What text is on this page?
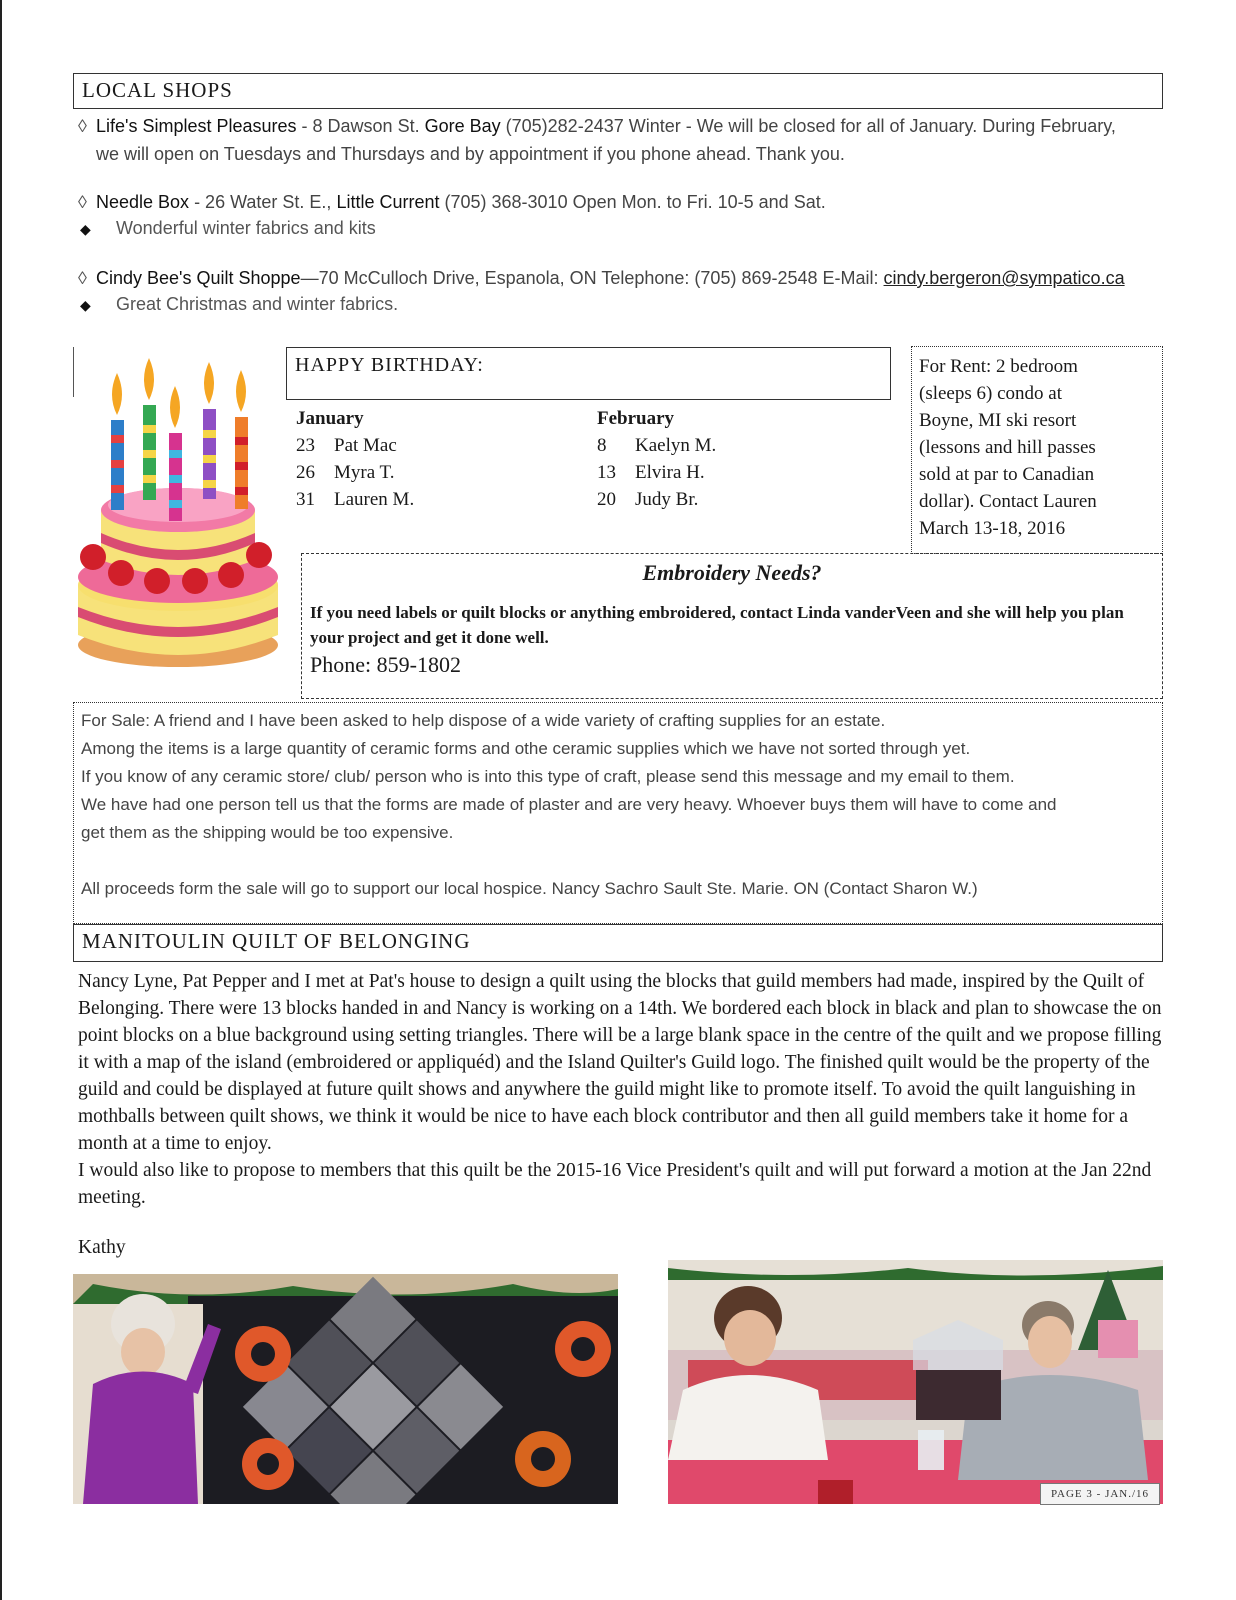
LOCAL SHOPS
◊ Life's Simplest Pleasures - 8 Dawson St. Gore Bay (705)282-2437 Winter - We will be closed for all of January. During February,
we will open on Tuesdays and Thursdays and by appointment if you phone ahead. Thank you.
◊ Needle Box - 26 Water St. E., Little Current (705) 368-3010 Open Mon. to Fri. 10-5 and Sat.
◆ Wonderful winter fabrics and kits
◊ Cindy Bee's Quilt Shoppe—70 McCulloch Drive, Espanola, ON Telephone: (705) 869-2548 E-Mail: cindy.bergeron@sympatico.ca
◆ Great Christmas and winter fabrics.
HAPPY BIRTHDAY:
January
23 Pat Mac
26 Myra T.
31 Lauren M.
February
8 Kaelyn M.
13 Elvira H.
20 Judy Br.
For Rent: 2 bedroom
(sleeps 6) condo at
Boyne, MI ski resort
(lessons and hill passes
sold at par to Canadian
dollar). Contact Lauren
March 13-18, 2016
Embroidery Needs?
If you need labels or quilt blocks or anything embroidered, contact Linda vanderVeen and she will help you plan your project and get it done well.
Phone: 859-1802
For Sale: A friend and I have been asked to help dispose of a wide variety of crafting supplies for an estate.
Among the items is a large quantity of ceramic forms and othe ceramic supplies which we have not sorted through yet.
If you know of any ceramic store/ club/ person who is into this type of craft, please send this message and my email to them.
We have had one person tell us that the forms are made of plaster and are very heavy. Whoever buys them will have to come and
get them as the shipping would be too expensive.
All proceeds form the sale will go to support our local hospice. Nancy Sachro Sault Ste. Marie. ON (Contact Sharon W.)
MANITOULIN QUILT OF BELONGING
Nancy Lyne, Pat Pepper and I met at Pat's house to design a quilt using the blocks that guild members had made, inspired by the Quilt of Belonging. There were 13 blocks handed in and Nancy is working on a 14th. We bordered each block in black and plan to showcase the on point blocks on a blue background using setting triangles. There will be a large blank space in the centre of the quilt and we propose filling it with a map of the island (embroidered or appliquéd) and the Island Quilter's Guild logo. The finished quilt would be the property of the guild and could be displayed at future quilt shows and anywhere the guild might like to promote itself. To avoid the quilt languishing in mothballs between quilt shows, we think it would be nice to have each block contributor and then all guild members take it home for a month at a time to enjoy.
I would also like to propose to members that this quilt be the 2015-16 Vice President's quilt and will put forward a motion at the Jan 22nd meeting.
Kathy
PAGE 3 - JAN./16
